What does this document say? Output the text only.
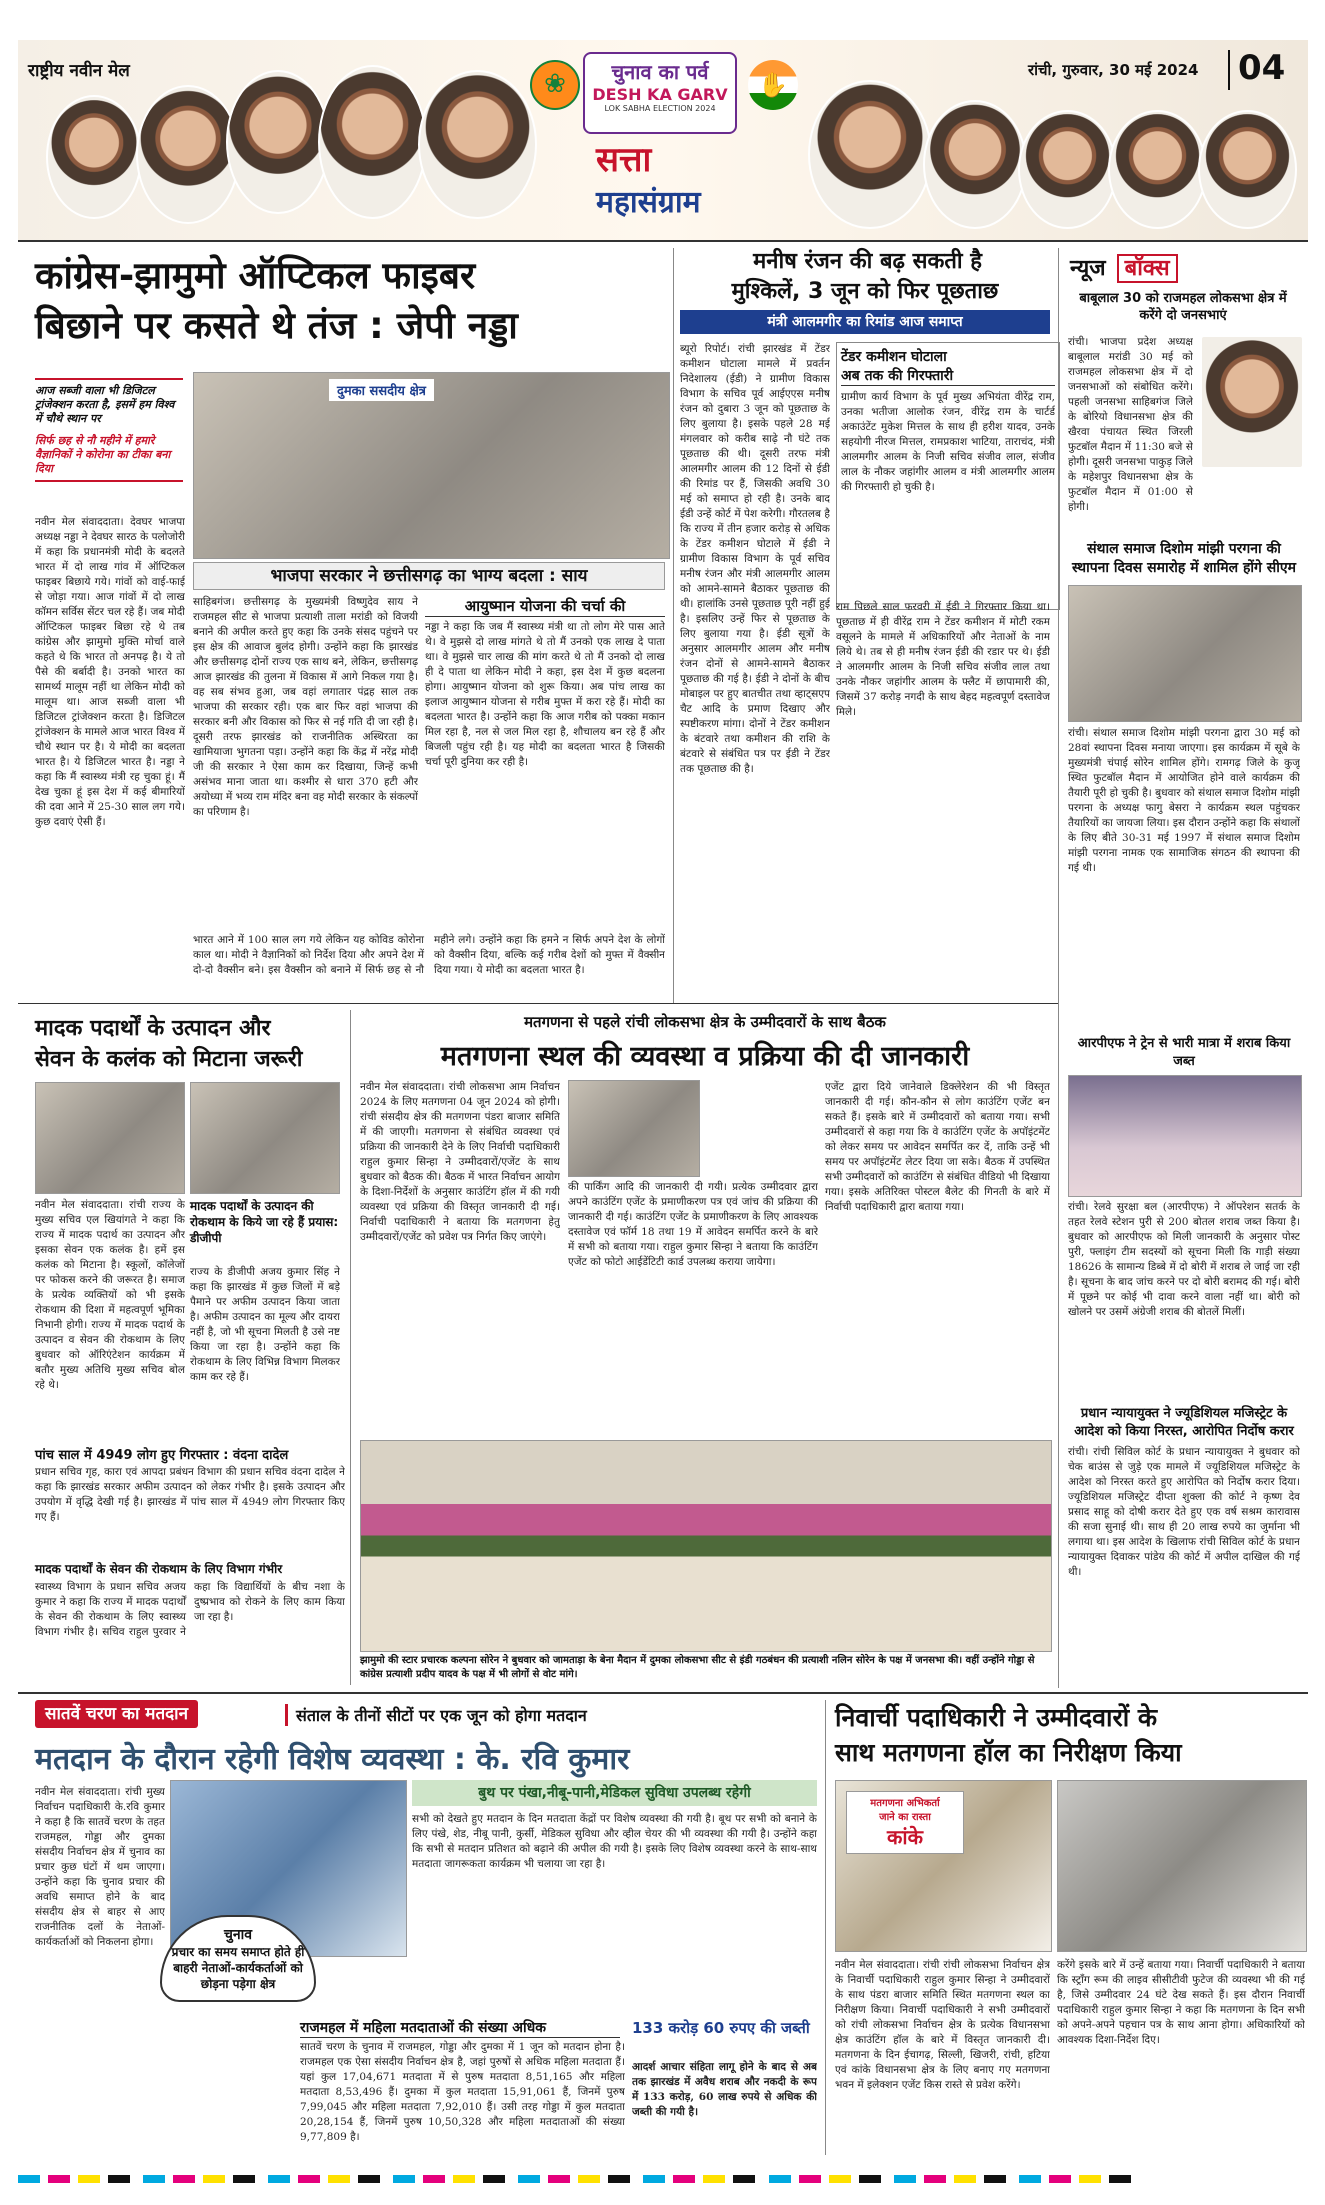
राष्ट्रीय नवीन मेल	❀	चुनाव का पर्व
DESH KA GARV
LOK SABHA ELECTION 2024
सत्ता
महासंग्राम
✋
रांची, गुरुवार, 30 मई 2024 04
कांग्रेस-झामुमो ऑप्टिकल फाइबर
बिछाने पर कसते थे तंज : जेपी नड्डा
आज सब्जी वाला भी डिजिटल ट्रांजेक्शन करता है, इसमें हम विश्व में चौथे स्थान पर
सिर्फ छह से नौ महीने में हमारे वैज्ञानिकों ने कोरोना का टीका बना दिया
नवीन मेल संवाददाता। देवघर भाजपा अध्यक्ष नड्डा ने देवघर सारठ के पलोजोरी में कहा कि प्रधानमंत्री मोदी के बदलते भारत में दो लाख गांव में ऑप्टिकल फाइबर बिछाये गये। गांवों को वाई-फाई से जोड़ा गया। आज गांवों में दो लाख कॉमन सर्विस सेंटर चल रहे हैं। जब मोदी ऑप्टिकल फाइबर बिछा रहे थे तब कांग्रेस और झामुमो मुक्ति मोर्चा वाले कहते थे कि भारत तो अनपढ़ है। ये तो पैसे की बर्बादी है। उनको भारत का सामर्थ्य मालूम नहीं था लेकिन मोदी को मालूम था। आज सब्जी वाला भी डिजिटल ट्रांजेक्शन करता है। डिजिटल ट्रांजेक्शन के मामले आज भारत विश्व में चौथे स्थान पर है। ये मोदी का बदलता भारत है। ये डिजिटल भारत है। नड्डा ने कहा कि मैं स्वास्थ्य मंत्री रह चुका हूं। मैं देख चुका हूं इस देश में कई बीमारियों की दवा आने में 25-30 साल लग गये। कुछ दवाएं ऐसी हैं।
दुमका ससदीय क्षेत्र
भाजपा सरकार ने छत्तीसगढ़ का भाग्य बदला : साय
साहिबगंज। छत्तीसगढ़ के मुख्यमंत्री विष्णुदेव साय ने राजमहल सीट से भाजपा प्रत्याशी ताला मरांडी को विजयी बनाने की अपील करते हुए कहा कि उनके संसद पहुंचने पर इस क्षेत्र की आवाज बुलंद होगी। उन्होंने कहा कि झारखंड और छत्तीसगढ़ दोनों राज्य एक साथ बने, लेकिन, छत्तीसगढ़ आज झारखंड की तुलना में विकास में आगे निकल गया है। वह सब संभव हुआ, जब वहां लगातार पंद्रह साल तक भाजपा की सरकार रही। एक बार फिर वहां भाजपा की सरकार बनी और विकास को फिर से नई गति दी जा रही है। दूसरी तरफ झारखंड को राजनीतिक अस्थिरता का खामियाजा भुगतना पड़ा। उन्होंने कहा कि केंद्र में नरेंद्र मोदी जी की सरकार ने ऐसा काम कर दिखाया, जिन्हें कभी असंभव माना जाता था। कश्मीर से धारा 370 हटी और अयोध्या में भव्य राम मंदिर बना वह मोदी सरकार के संकल्पों का परिणाम है।
आयुष्मान योजना की चर्चा की
नड्डा ने कहा कि जब मैं स्वास्थ्य मंत्री था तो लोग मेरे पास आते थे। वे मुझसे दो लाख मांगते थे तो मैं उनको एक लाख दे पाता था। वे मुझसे चार लाख की मांग करते थे तो मैं उनको दो लाख ही दे पाता था लेकिन मोदी ने कहा, इस देश में कुछ बदलना होगा। आयुष्मान योजना को शुरू किया। अब पांच लाख का इलाज आयुष्मान योजना से गरीब मुफ्त में करा रहे हैं। मोदी का बदलता भारत है। उन्होंने कहा कि आज गरीब को पक्का मकान मिल रहा है, नल से जल मिल रहा है, शौचालय बन रहे हैं और बिजली पहुंच रही है। यह मोदी का बदलता भारत है जिसकी चर्चा पूरी दुनिया कर रही है।
भारत आने में 100 साल लग गये लेकिन यह कोविड कोरोना काल था। मोदी ने वैज्ञानिकों को निर्देश दिया और अपने देश में दो-दो वैक्सीन बने। इस वैक्सीन को बनाने में सिर्फ छह से नौ महीने लगे। उन्होंने कहा कि हमने न सिर्फ अपने देश के लोगों को वैक्सीन दिया, बल्कि कई गरीब देशों को मुफ्त में वैक्सीन दिया गया। ये मोदी का बदलता भारत है।
मनीष रंजन की बढ़ सकती है
मुश्किलें, 3 जून को फिर पूछताछ
मंत्री आलमगीर का रिमांड आज समाप्त
ब्यूरो रिपोर्ट। रांची झारखंड में टेंडर कमीशन घोटाला मामले में प्रवर्तन निदेशालय (ईडी) ने ग्रामीण विकास विभाग के सचिव पूर्व आईएएस मनीष रंजन को दुबारा 3 जून को पूछताछ के लिए बुलाया है। इसके पहले 28 मई मंगलवार को करीब साढ़े नौ घंटे तक पूछताछ की थी। दूसरी तरफ मंत्री आलमगीर आलम की 12 दिनों से ईडी की रिमांड पर हैं, जिसकी अवधि 30 मई को समाप्त हो रही है। उनके बाद ईडी उन्हें कोर्ट में पेश करेगी। गौरतलब है कि राज्य में तीन हजार करोड़ से अधिक के टेंडर कमीशन घोटाले में ईडी ने ग्रामीण विकास विभाग के पूर्व सचिव मनीष रंजन और मंत्री आलमगीर आलम को आमने-सामने बैठाकर पूछताछ की थी। हालांकि उनसे पूछताछ पूरी नहीं हुई है। इसलिए उन्हें फिर से पूछताछ के लिए बुलाया गया है। ईडी सूत्रों के अनुसार आलमगीर आलम और मनीष रंजन दोनों से आमने-सामने बैठाकर पूछताछ की गई है। ईडी ने दोनों के बीच मोबाइल पर हुए बातचीत तथा व्हाट्सएप चैट आदि के प्रमाण दिखाए और स्पष्टीकरण मांगा। दोनों ने टेंडर कमीशन के बंटवारे तथा कमीशन की राशि के बंटवारे से संबंधित पत्र पर ईडी ने टेंडर तक पूछताछ की है।
टेंडर कमीशन घोटाला
अब तक की गिरफ्तारी
ग्रामीण कार्य विभाग के पूर्व मुख्य अभियंता वीरेंद्र राम, उनका भतीजा आलोक रंजन, वीरेंद्र राम के चार्टर्ड अकाउंटेंट मुकेश मित्तल के साथ ही हरीश यादव, उनके सहयोगी नीरज मित्तल, रामप्रकाश भाटिया, ताराचंद, मंत्री आलमगीर आलम के निजी सचिव संजीव लाल, संजीव लाल के नौकर जहांगीर आलम व मंत्री आलमगीर आलम की गिरफ्तारी हो चुकी है।
राम पिछले साल फरवरी में ईडी ने गिरफ्तार किया था। पूछताछ में ही वीरेंद्र राम ने टेंडर कमीशन में मोटी रकम वसूलने के मामले में अधिकारियों और नेताओं के नाम लिये थे। तब से ही मनीष रंजन ईडी की रडार पर थे। ईडी ने आलमगीर आलम के निजी सचिव संजीव लाल तथा उनके नौकर जहांगीर आलम के फ्लैट में छापामारी की, जिसमें 37 करोड़ नगदी के साथ बेहद महत्वपूर्ण दस्तावेज मिले।
न्यूज बॉक्स
बाबूलाल 30 को राजमहल लोकसभा क्षेत्र में करेंगे दो जनसभाएं
रांची। भाजपा प्रदेश अध्यक्ष बाबूलाल मरांडी 30 मई को राजमहल लोकसभा क्षेत्र में दो जनसभाओं को संबोधित करेंगे। पहली जनसभा साहिबगंज जिले के बोरियो विधानसभा क्षेत्र की खैरवा पंचायत स्थित जिरली फुटबॉल मैदान में 11:30 बजे से होगी। दूसरी जनसभा पाकुड़ जिले के महेशपुर विधानसभा क्षेत्र के फुटबॉल मैदान में 01:00 से होगी।
संथाल समाज दिशोम मांझी परगना की स्थापना दिवस समारोह में शामिल होंगे सीएम
रांची। संथाल समाज दिशोम मांझी परगना द्वारा 30 मई को 28वां स्थापना दिवस मनाया जाएगा। इस कार्यक्रम में सूबे के मुख्यमंत्री चंपाई सोरेन शामिल होंगे। रामगढ़ जिले के कुजू स्थित फुटबॉल मैदान में आयोजित होने वाले कार्यक्रम की तैयारी पूरी हो चुकी है। बुधवार को संथाल समाज दिशोम मांझी परगना के अध्यक्ष फागु बेसरा ने कार्यक्रम स्थल पहुंचकर तैयारियों का जायजा लिया। इस दौरान उन्होंने कहा कि संथालों के लिए बीते 30-31 मई 1997 में संथाल समाज दिशोम मांझी परगना नामक एक सामाजिक संगठन की स्थापना की गई थी।
आरपीएफ ने ट्रेन से भारी मात्रा में शराब किया जब्त
रांची। रेलवे सुरक्षा बल (आरपीएफ) ने ऑपरेशन सतर्क के तहत रेलवे स्टेशन पुरी से 200 बोतल शराब जब्त किया है। बुधवार को आरपीएफ को मिली जानकारी के अनुसार पोस्ट पुरी, फ्लाइंग टीम सदस्यों को सूचना मिली कि गाड़ी संख्या 18626 के सामान्य डिब्बे में दो बोरी में शराब ले जाई जा रही है। सूचना के बाद जांच करने पर दो बोरी बरामद की गई। बोरी में पूछने पर कोई भी दावा करने वाला नहीं था। बोरी को खोलने पर उसमें अंग्रेजी शराब की बोतलें मिलीं।
प्रधान न्यायायुक्त ने ज्यूडिशियल मजिस्ट्रेट के आदेश को किया निरस्त, आरोपित निर्दोष करार
रांची। रांची सिविल कोर्ट के प्रधान न्यायायुक्त ने बुधवार को चेक बाउंस से जुड़े एक मामले में ज्यूडिशियल मजिस्ट्रेट के आदेश को निरस्त करते हुए आरोपित को निर्दोष करार दिया। ज्यूडिशियल मजिस्ट्रेट दीप्ता शुक्ला की कोर्ट ने कृष्ण देव प्रसाद साहू को दोषी करार देते हुए एक वर्ष सश्रम कारावास की सजा सुनाई थी। साथ ही 20 लाख रुपये का जुर्माना भी लगाया था। इस आदेश के खिलाफ रांची सिविल कोर्ट के प्रधान न्यायायुक्त दिवाकर पांडेय की कोर्ट में अपील दाखिल की गई थी।
मादक पदार्थों के उत्पादन और
सेवन के कलंक को मिटाना जरूरी
नवीन मेल संवाददाता। रांची राज्य के मुख्य सचिव एल खियांगते ने कहा कि राज्य में मादक पदार्थ का उत्पादन और इसका सेवन एक कलंक है। हमें इस कलंक को मिटाना है। स्कूलों, कॉलेजों पर फोकस करने की जरूरत है। समाज के प्रत्येक व्यक्तियों को भी इसके रोकथाम की दिशा में महत्वपूर्ण भूमिका निभानी होगी। राज्य में मादक पदार्थ के उत्पादन व सेवन की रोकथाम के लिए बुधवार को ऑरिएंटेशन कार्यक्रम में बतौर मुख्य अतिथि मुख्य सचिव बोल रहे थे।
मादक पदार्थों के उत्पादन की रोकथाम के किये जा रहे हैं प्रयास: डीजीपी
राज्य के डीजीपी अजय कुमार सिंह ने कहा कि झारखंड में कुछ जिलों में बड़े पैमाने पर अफीम उत्पादन किया जाता है। अफीम उत्पादन का मूल्य और दायरा नहीं है, जो भी सूचना मिलती है उसे नष्ट किया जा रहा है। उन्होंने कहा कि रोकथाम के लिए विभिन्न विभाग मिलकर काम कर रहे हैं।
पांच साल में 4949 लोग हुए गिरफ्तार : वंदना दादेल
प्रधान सचिव गृह, कारा एवं आपदा प्रबंधन विभाग की प्रधान सचिव वंदना दादेल ने कहा कि झारखंड सरकार अफीम उत्पादन को लेकर गंभीर है। इसके उत्पादन और उपयोग में वृद्धि देखी गई है। झारखंड में पांच साल में 4949 लोग गिरफ्तार किए गए हैं।
मादक पदार्थों के सेवन की रोकथाम के लिए विभाग गंभीर
स्वास्थ्य विभाग के प्रधान सचिव अजय कुमार ने कहा कि राज्य में मादक पदार्थों के सेवन की रोकथाम के लिए स्वास्थ्य विभाग गंभीर है। सचिव राहुल पुरवार ने कहा कि विद्यार्थियों के बीच नशा के दुष्प्रभाव को रोकने के लिए काम किया जा रहा है।
मतगणना से पहले रांची लोकसभा क्षेत्र के उम्मीदवारों के साथ बैठक
मतगणना स्थल की व्यवस्था व प्रक्रिया की दी जानकारी
नवीन मेल संवाददाता। रांची लोकसभा आम निर्वाचन 2024 के लिए मतगणना 04 जून 2024 को होगी। रांची संसदीय क्षेत्र की मतगणना पंडरा बाजार समिति में की जाएगी। मतगणना से संबंधित व्यवस्था एवं प्रक्रिया की जानकारी देने के लिए निर्वाची पदाधिकारी राहुल कुमार सिन्हा ने उम्मीदवारों/एजेंट के साथ बुधवार को बैठक की। बैठक में भारत निर्वाचन आयोग के दिशा-निर्देशों के अनुसार काउंटिंग हॉल में की गयी व्यवस्था एवं प्रक्रिया की विस्तृत जानकारी दी गई। निर्वाची पदाधिकारी ने बताया कि मतगणना हेतु उम्मीदवारों/एजेंट को प्रवेश पत्र निर्गत किए जाएंगे।
की पार्किंग आदि की जानकारी दी गयी। प्रत्येक उम्मीदवार द्वारा अपने काउंटिंग एजेंट के प्रमाणीकरण पत्र एवं जांच की प्रक्रिया की जानकारी दी गई। काउंटिंग एजेंट के प्रमाणीकरण के लिए आवश्यक दस्तावेज एवं फॉर्म 18 तथा 19 में आवेदन समर्पित करने के बारे में सभी को बताया गया। राहुल कुमार सिन्हा ने बताया कि काउंटिंग एजेंट को फोटो आईडेंटिटी कार्ड उपलब्ध कराया जायेगा।
एजेंट द्वारा दिये जानेवाले डिक्लेरेशन की भी विस्तृत जानकारी दी गई। कौन-कौन से लोग काउंटिंग एजेंट बन सकते हैं। इसके बारे में उम्मीदवारों को बताया गया। सभी उम्मीदवारों से कहा गया कि वे काउंटिंग एजेंट के अपॉइंटमेंट को लेकर समय पर आवेदन समर्पित कर दें, ताकि उन्हें भी समय पर अपॉइंटमेंट लेटर दिया जा सके। बैठक में उपस्थित सभी उम्मीदवारों को काउंटिंग से संबंधित वीडियो भी दिखाया गया। इसके अतिरिक्त पोस्टल बैलेट की गिनती के बारे में निर्वाची पदाधिकारी द्वारा बताया गया।
झामुमो की स्टार प्रचारक कल्पना सोरेन ने बुधवार को जामताड़ा के बेना मैदान में दुमका लोकसभा सीट से इंडी गठबंधन की प्रत्याशी नलिन सोरेन के पक्ष में जनसभा की। वहीं उन्होंने गोड्डा से कांग्रेस प्रत्याशी प्रदीप यादव के पक्ष में भी लोगों से वोट मांगे।
सातवें चरण का मतदान	संताल के तीनों सीटों पर एक जून को होगा मतदान
मतदान के दौरान रहेगी विशेष व्यवस्था : के. रवि कुमार
नवीन मेल संवाददाता। रांची मुख्य निर्वाचन पदाधिकारी के.रवि कुमार ने कहा है कि सातवें चरण के तहत राजमहल, गोड्डा और दुमका संसदीय निर्वाचन क्षेत्र में चुनाव का प्रचार कुछ घंटों में थम जाएगा। उन्होंने कहा कि चुनाव प्रचार की अवधि समाप्त होने के बाद संसदीय क्षेत्र से बाहर से आए राजनीतिक दलों के नेताओं-कार्यकर्ताओं को निकलना होगा।	चुनाव
प्रचार का समय समाप्त होते ही बाहरी नेताओं-कार्यकर्ताओं को छोड़ना पड़ेगा क्षेत्र
बुथ पर पंखा,नीबू-पानी,मेडिकल सुविधा उपलब्ध रहेगी
सभी को देखते हुए मतदान के दिन मतदाता केंद्रों पर विशेष व्यवस्था की गयी है। बूथ पर सभी को बनाने के लिए पंखे, शेड, नीबू पानी, कुर्सी, मेडिकल सुविधा और व्हील चेयर की भी व्यवस्था की गयी है। उन्होंने कहा कि सभी से मतदान प्रतिशत को बढ़ाने की अपील की गयी है। इसके लिए विशेष व्यवस्था करने के साथ-साथ मतदाता जागरूकता कार्यक्रम भी चलाया जा रहा है।
राजमहल में महिला मतदाताओं की संख्या अधिक
सातवें चरण के चुनाव में राजमहल, गोड्डा और दुमका में 1 जून को मतदान होना है। राजमहल एक ऐसा संसदीय निर्वाचन क्षेत्र है, जहां पुरुषों से अधिक महिला मतदाता हैं। यहां कुल 17,04,671 मतदाता में से पुरुष मतदाता 8,51,165 और महिला मतदाता 8,53,496 हैं। दुमका में कुल मतदाता 15,91,061 हैं, जिनमें पुरुष 7,99,045 और महिला मतदाता 7,92,010 हैं। उसी तरह गोड्डा में कुल मतदाता 20,28,154 हैं, जिनमें पुरुष 10,50,328 और महिला मतदाताओं की संख्या 9,77,809 है।
133 करोड़ 60 रुपए की जब्ती
आदर्श आचार संहिता लागू होने के बाद से अब तक झारखंड में अवैध शराब और नकदी के रूप में 133 करोड़, 60 लाख रुपये से अधिक की जब्ती की गयी है।
निवार्ची पदाधिकारी ने उम्मीदवारों के
साथ मतगणना हॉल का निरीक्षण किया
मतगणना अभिकर्ता
जाने का रास्ता
कांके
नवीन मेल संवाददाता। रांची रांची लोकसभा निर्वाचन क्षेत्र के निवार्ची पदाधिकारी राहुल कुमार सिन्हा ने उम्मीदवारों के साथ पंडरा बाजार समिति स्थित मतगणना स्थल का निरीक्षण किया। निवार्ची पदाधिकारी ने सभी उम्मीदवारों को रांची लोकसभा निर्वाचन क्षेत्र के प्रत्येक विधानसभा क्षेत्र काउंटिंग हॉल के बारे में विस्तृत जानकारी दी। मतगणना के दिन ईचागढ़, सिल्ली, खिजरी, रांची, हटिया एवं कांके विधानसभा क्षेत्र के लिए बनाए गए मतगणना भवन में इलेक्शन एजेंट किस रास्ते से प्रवेश करेंगे।
करेंगे इसके बारे में उन्हें बताया गया। निवार्ची पदाधिकारी ने बताया कि स्ट्रॉंग रूम की लाइव सीसीटीवी फुटेज की व्यवस्था भी की गई है, जिसे उम्मीदवार 24 घंटे देख सकते हैं। इस दौरान निवार्ची पदाधिकारी राहुल कुमार सिन्हा ने कहा कि मतगणना के दिन सभी को अपने-अपने पहचान पत्र के साथ आना होगा। अधिकारियों को आवश्यक दिशा-निर्देश दिए।
